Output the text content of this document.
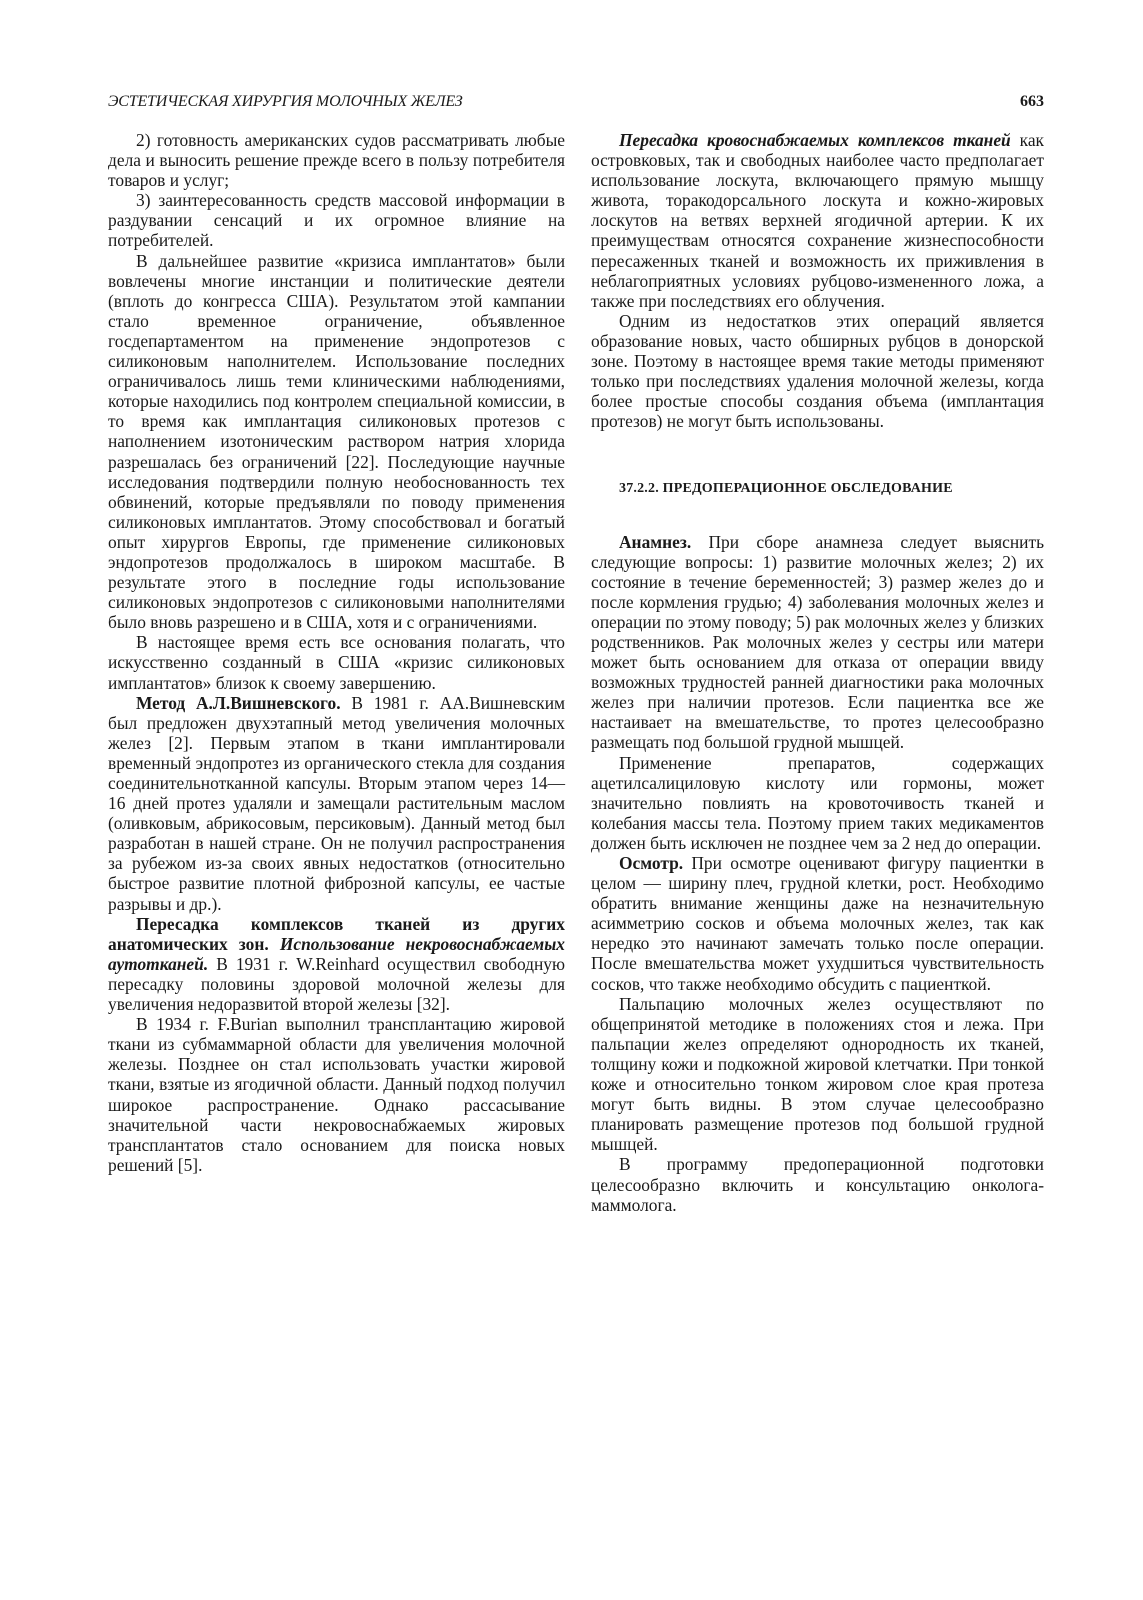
ЭСТЕТИЧЕСКАЯ ХИРУРГИЯ МОЛОЧНЫХ ЖЕЛЕЗ	663

2) готовность американских судов рассматривать любые дела и выносить решение прежде всего в пользу потребителя товаров и услуг;

3) заинтересованность средств массовой информации в раздувании сенсаций и их огромное влияние на потребителей.

В дальнейшее развитие «кризиса имплантатов» были вовлечены многие инстанции и политические деятели (вплоть до конгресса США). Результатом этой кампании стало временное ограничение, объявленное госдепартаментом на применение эндопротезов с силиконовым наполнителем. Использование последних ограничивалось лишь теми клиническими наблюдениями, которые находились под контролем специальной комиссии, в то время как имплантация силиконовых протезов с наполнением изотоническим раствором натрия хлорида разрешалась без ограничений [22]. Последующие научные исследования подтвердили полную необоснованность тех обвинений, которые предъявляли по поводу применения силиконовых имплантатов. Этому способствовал и богатый опыт хирургов Европы, где применение силиконовых эндопротезов продолжалось в широком масштабе. В результате этого в последние годы использование силиконовых эндопротезов с силиконовыми наполнителями было вновь разрешено и в США, хотя и с ограничениями.

В настоящее время есть все основания полагать, что искусственно созданный в США «кризис силиконовых имплантатов» близок к своему завершению.

Метод А.Л.Вишневского. В 1981 г. АА.Вишневским был предложен двухэтапный метод увеличения молочных желез [2]. Первым этапом в ткани имплантировали временный эндопротез из органического стекла для создания соединительнотканной капсулы. Вторым этапом через 14—16 дней протез удаляли и замещали растительным маслом (оливковым, абрикосовым, персиковым). Данный метод был разработан в нашей стране. Он не получил распространения за рубежом из-за своих явных недостатков (относительно быстрое развитие плотной фиброзной капсулы, ее частые разрывы и др.).

Пересадка комплексов тканей из других анатомических зон. Использование некровоснабжаемых аутотканей. В 1931 г. W.Reinhard осуществил свободную пересадку половины здоровой молочной железы для увеличения недоразвитой второй железы [32].

В 1934 г. F.Burian выполнил трансплантацию жировой ткани из субмаммарной области для увеличения молочной железы. Позднее он стал использовать участки жировой ткани, взятые из ягодичной области. Данный подход получил широкое распространение. Однако рассасывание значительной части некровоснабжаемых жировых трансплантатов стало основанием для поиска новых решений [5].

Пересадка кровоснабжаемых комплексов тканей как островковых, так и свободных наиболее часто предполагает использование лоскута, включающего прямую мышцу живота, торакодорсального лоскута и кожно-жировых лоскутов на ветвях верхней ягодичной артерии. К их преимуществам относятся сохранение жизнеспособности пересаженных тканей и возможность их приживления в неблагоприятных условиях рубцово-измененного ложа, а также при последствиях его облучения.

Одним из недостатков этих операций является образование новых, часто обширных рубцов в донорской зоне. Поэтому в настоящее время такие методы применяют только при последствиях удаления молочной железы, когда более простые способы создания объема (имплантация протезов) не могут быть использованы.

37.2.2. ПРЕДОПЕРАЦИОННОЕ ОБСЛЕДОВАНИЕ

Анамнез. При сборе анамнеза следует выяснить следующие вопросы: 1) развитие молочных желез; 2) их состояние в течение беременностей; 3) размер желез до и после кормления грудью; 4) заболевания молочных желез и операции по этому поводу; 5) рак молочных желез у близких родственников. Рак молочных желез у сестры или матери может быть основанием для отказа от операции ввиду возможных трудностей ранней диагностики рака молочных желез при наличии протезов. Если пациентка все же настаивает на вмешательстве, то протез целесообразно размещать под большой грудной мышцей.

Применение препаратов, содержащих ацетилсалициловую кислоту или гормоны, может значительно повлиять на кровоточивость тканей и колебания массы тела. Поэтому прием таких медикаментов должен быть исключен не позднее чем за 2 нед до операции.

Осмотр. При осмотре оценивают фигуру пациентки в целом — ширину плеч, грудной клетки, рост. Необходимо обратить внимание женщины даже на незначительную асимметрию сосков и объема молочных желез, так как нередко это начинают замечать только после операции. После вмешательства может ухудшиться чувствительность сосков, что также необходимо обсудить с пациенткой.

Пальпацию молочных желез осуществляют по общепринятой методике в положениях стоя и лежа. При пальпации желез определяют однородность их тканей, толщину кожи и подкожной жировой клетчатки. При тонкой коже и относительно тонком жировом слое края протеза могут быть видны. В этом случае целесообразно планировать размещение протезов под большой грудной мышцей.

В программу предоперационной подготовки целесообразно включить и консультацию онколога-маммолога.
